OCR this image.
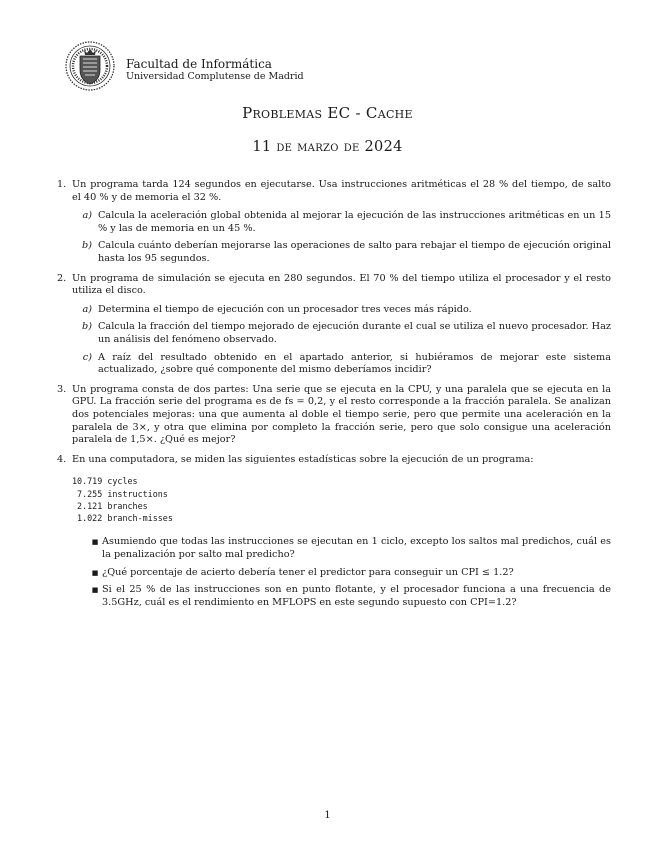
Facultad de Informática
Universidad Complutense de Madrid
Problemas EC - Cache
11 de marzo de 2024
1. Un programa tarda 124 segundos en ejecutarse. Usa instrucciones aritméticas el 28 % del tiempo, de salto el 40 % y de memoria el 32 %.

a) Calcula la aceleración global obtenida al mejorar la ejecución de las instrucciones aritméticas en un 15 % y las de memoria en un 45 %.
b) Calcula cuánto deberían mejorarse las operaciones de salto para rebajar el tiempo de ejecución original hasta los 95 segundos.
2. Un programa de simulación se ejecuta en 280 segundos. El 70 % del tiempo utiliza el procesador y el resto utiliza el disco.

a) Determina el tiempo de ejecución con un procesador tres veces más rápido.
b) Calcula la fracción del tiempo mejorado de ejecución durante el cual se utiliza el nuevo procesador. Haz un análisis del fenómeno observado.
c) A raíz del resultado obtenido en el apartado anterior, si hubiéramos de mejorar este sistema actualizado, ¿sobre qué componente del mismo deberíamos incidir?
3. Un programa consta de dos partes: Una serie que se ejecuta en la CPU, y una paralela que se ejecuta en la GPU. La fracción serie del programa es de fs = 0,2, y el resto corresponde a la fracción paralela. Se analizan dos potenciales mejoras: una que aumenta al doble el tiempo serie, pero que permite una aceleración en la paralela de 3×, y otra que elimina por completo la fracción serie, pero que solo consigue una aceleración paralela de 1,5×. ¿Qué es mejor?

4. En una computadora, se miden las siguientes estadísticas sobre la ejecución de un programa:

10.719 cycles
7.255 instructions
2.121 branches
1.022 branch-misses
■ Asumiendo que todas las instrucciones se ejecutan en 1 ciclo, excepto los saltos mal predichos, cuál es la penalización por salto mal predicho?
■ ¿Qué porcentaje de acierto debería tener el predictor para conseguir un CPI ≤ 1.2?
■ Si el 25 % de las instrucciones son en punto flotante, y el procesador funciona a una frecuencia de 3.5GHz, cuál es el rendimiento en MFLOPS en este segundo supuesto con CPI=1.2?
1
